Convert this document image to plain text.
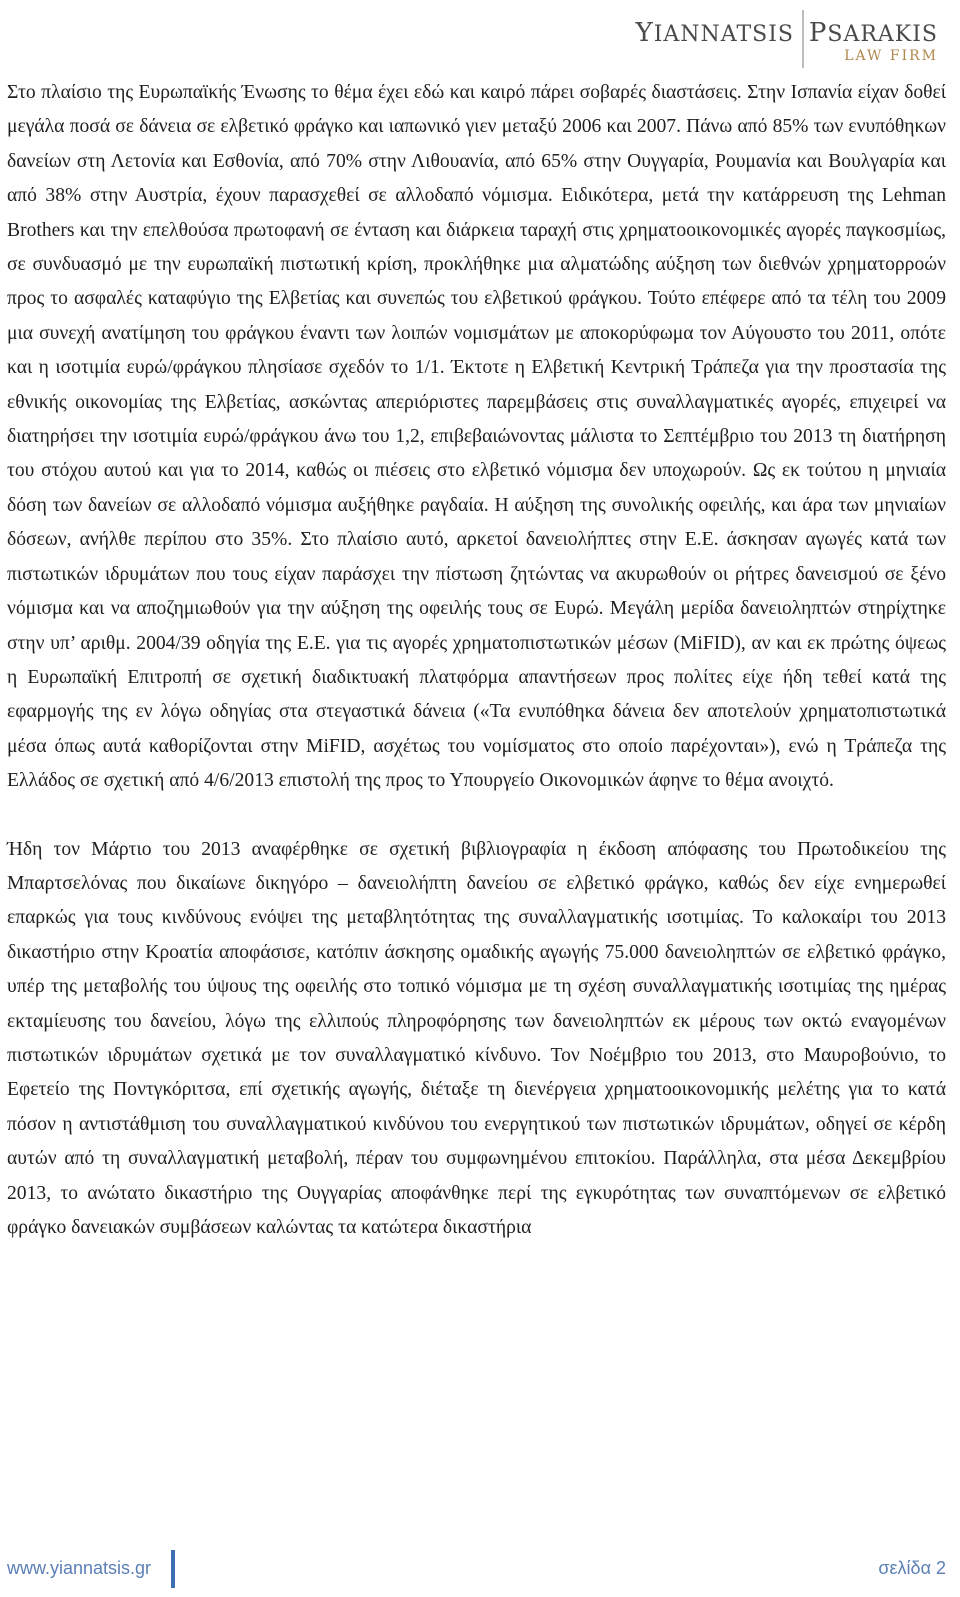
YIANNATSIS PSARAKIS
LAW FIRM

Στο πλαίσιο της Ευρωπαϊκής Ένωσης το θέμα έχει εδώ και καιρό πάρει σοβαρές διαστάσεις. Στην Ισπανία είχαν δοθεί μεγάλα ποσά σε δάνεια σε ελβετικό φράγκο και ιαπωνικό γιεν μεταξύ 2006 και 2007. Πάνω από 85% των ενυπόθηκων δανείων στη Λετονία και Εσθονία, από 70% στην Λιθουανία, από 65% στην Ουγγαρία, Ρουμανία και Βουλγαρία και από 38% στην Αυστρία, έχουν παρασχεθεί σε αλλοδαπό νόμισμα. Ειδικότερα, μετά την κατάρρευση της Lehman Brothers και την επελθούσα πρωτοφανή σε ένταση και διάρκεια ταραχή στις χρηματοοικονομικές αγορές παγκοσμίως, σε συνδυασμό με την ευρωπαϊκή πιστωτική κρίση, προκλήθηκε μια αλματώδης αύξηση των διεθνών χρηματορροών προς το ασφαλές καταφύγιο της Ελβετίας και συνεπώς του ελβετικού φράγκου. Τούτο επέφερε από τα τέλη του 2009 μια συνεχή ανατίμηση του φράγκου έναντι των λοιπών νομισμάτων με αποκορύφωμα τον Αύγουστο του 2011, οπότε και η ισοτιμία ευρώ/φράγκου πλησίασε σχεδόν το 1/1. Έκτοτε η Ελβετική Κεντρική Τράπεζα για την προστασία της εθνικής οικονομίας της Ελβετίας, ασκώντας απεριόριστες παρεμβάσεις στις συναλλαγματικές αγορές, επιχειρεί να διατηρήσει την ισοτιμία ευρώ/φράγκου άνω του 1,2, επιβεβαιώνοντας μάλιστα το Σεπτέμβριο του 2013 τη διατήρηση του στόχου αυτού και για το 2014, καθώς οι πιέσεις στο ελβετικό νόμισμα δεν υποχωρούν. Ως εκ τούτου η μηνιαία δόση των δανείων σε αλλοδαπό νόμισμα αυξήθηκε ραγδαία. Η αύξηση της συνολικής οφειλής, και άρα των μηνιαίων δόσεων, ανήλθε περίπου στο 35%. Στο πλαίσιο αυτό, αρκετοί δανειολήπτες στην Ε.Ε. άσκησαν αγωγές κατά των πιστωτικών ιδρυμάτων που τους είχαν παράσχει την πίστωση ζητώντας να ακυρωθούν οι ρήτρες δανεισμού σε ξένο νόμισμα και να αποζημιωθούν για την αύξηση της οφειλής τους σε Ευρώ. Μεγάλη μερίδα δανειοληπτών στηρίχτηκε στην υπ’ αριθμ. 2004/39 οδηγία της Ε.Ε. για τις αγορές χρηματοπιστωτικών μέσων (MiFID), αν και εκ πρώτης όψεως η Ευρωπαϊκή Επιτροπή σε σχετική διαδικτυακή πλατφόρμα απαντήσεων προς πολίτες είχε ήδη τεθεί κατά της εφαρμογής της εν λόγω οδηγίας στα στεγαστικά δάνεια («Τα ενυπόθηκα δάνεια δεν αποτελούν χρηματοπιστωτικά μέσα όπως αυτά καθορίζονται στην MiFID, ασχέτως του νομίσματος στο οποίο παρέχονται»), ενώ η Τράπεζα της Ελλάδος σε σχετική από 4/6/2013 επιστολή της προς το Υπουργείο Οικονομικών άφηνε το θέμα ανοιχτό.

Ήδη τον Μάρτιο του 2013 αναφέρθηκε σε σχετική βιβλιογραφία η έκδοση απόφασης του Πρωτοδικείου της Μπαρτσελόνας που δικαίωνε δικηγόρο – δανειολήπτη δανείου σε ελβετικό φράγκο, καθώς δεν είχε ενημερωθεί επαρκώς για τους κινδύνους ενόψει της μεταβλητότητας της συναλλαγματικής ισοτιμίας. Το καλοκαίρι του 2013 δικαστήριο στην Κροατία αποφάσισε, κατόπιν άσκησης ομαδικής αγωγής 75.000 δανειοληπτών σε ελβετικό φράγκο, υπέρ της μεταβολής του ύψους της οφειλής στο τοπικό νόμισμα με τη σχέση συναλλαγματικής ισοτιμίας της ημέρας εκταμίευσης του δανείου, λόγω της ελλιπούς πληροφόρησης των δανειοληπτών εκ μέρους των οκτώ εναγομένων πιστωτικών ιδρυμάτων σχετικά με τον συναλλαγματικό κίνδυνο. Τον Νοέμβριο του 2013, στο Μαυροβούνιο, το Εφετείο της Ποντγκόριτσα, επί σχετικής αγωγής, διέταξε τη διενέργεια χρηματοοικονομικής μελέτης για το κατά πόσον η αντιστάθμιση του συναλλαγματικού κινδύνου του ενεργητικού των πιστωτικών ιδρυμάτων, οδηγεί σε κέρδη αυτών από τη συναλλαγματική μεταβολή, πέραν του συμφωνημένου επιτοκίου. Παράλληλα, στα μέσα Δεκεμβρίου 2013, το ανώτατο δικαστήριο της Ουγγαρίας αποφάνθηκε περί της εγκυρότητας των συναπτόμενων σε ελβετικό φράγκο δανειακών συμβάσεων καλώντας τα κατώτερα δικαστήρια

www.yiannatsis.gr	σελίδα 2
